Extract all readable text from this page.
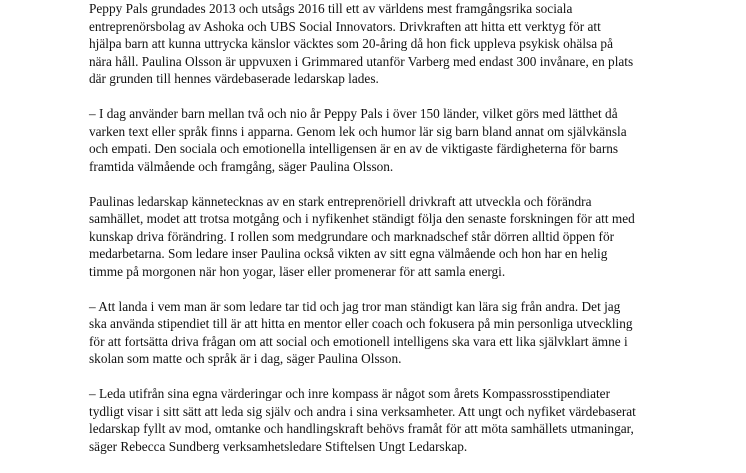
Peppy Pals grundades 2013 och utsågs 2016 till ett av världens mest framgångsrika sociala
entreprenörsbolag av Ashoka och UBS Social Innovators. Drivkraften att hitta ett verktyg för att
hjälpa barn att kunna uttrycka känslor väcktes som 20-åring då hon fick uppleva psykisk ohälsa på
nära håll. Paulina Olsson är uppvuxen i Grimmared utanför Varberg med endast 300 invånare, en plats
där grunden till hennes värdebaserade ledarskap lades.

– I dag använder barn mellan två och nio år Peppy Pals i över 150 länder, vilket görs med lätthet då
varken text eller språk finns i apparna. Genom lek och humor lär sig barn bland annat om självkänsla
och empati. Den sociala och emotionella intelligensen är en av de viktigaste färdigheterna för barns
framtida välmående och framgång, säger Paulina Olsson.

Paulinas ledarskap kännetecknas av en stark entreprenöriell drivkraft att utveckla och förändra
samhället, modet att trotsa motgång och i nyfikenhet ständigt följa den senaste forskningen för att med
kunskap driva förändring. I rollen som medgrundare och marknadschef står dörren alltid öppen för
medarbetarna. Som ledare inser Paulina också vikten av sitt egna välmående och hon har en helig
timme på morgonen när hon yogar, läser eller promenerar för att samla energi.

– Att landa i vem man är som ledare tar tid och jag tror man ständigt kan lära sig från andra. Det jag
ska använda stipendiet till är att hitta en mentor eller coach och fokusera på min personliga utveckling
för att fortsätta driva frågan om att social och emotionell intelligens ska vara ett lika självklart ämne i
skolan som matte och språk är i dag, säger Paulina Olsson.

– Leda utifrån sina egna värderingar och inre kompass är något som årets Kompassrosstipendiater
tydligt visar i sitt sätt att leda sig själv och andra i sina verksamheter. Att ungt och nyfiket värdebaserat
ledarskap fyllt av mod, omtanke och handlingskraft behövs framåt för att möta samhällets utmaningar,
säger Rebecca Sundberg verksamhetsledare Stiftelsen Ungt Ledarskap.
